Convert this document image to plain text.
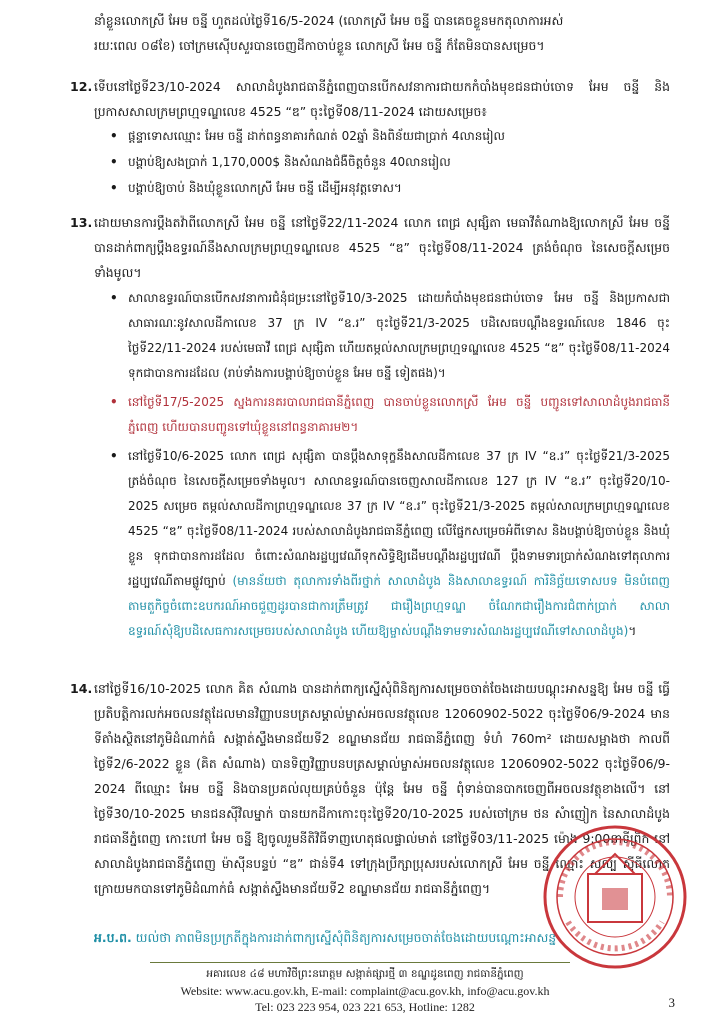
នាំខ្លួនលោកស្រី អែម ចន្នី ហួតដល់ថ្ងៃទី16/5-2024 (លោកស្រី អែម ចន្នី បានគេចខ្លួនមកតុលាការអស់
រយៈពេល ០៨ខែ) ចៅក្រមស៊ើបសួរបានចេញដីកាចាប់ខ្លួន លោកស្រី អែម ចន្នី ក៏តែមិនបានសម្រេច។
12. ទើបនៅថ្ងៃទី23/10-2024 សាលាដំបូងរាជធានីភ្នំពេញបានបើកសវនាការជាយកកំបាំងមុខជនជាប់ចោទ អែម ចន្នី និងប្រកាសសាលក្រមព្រហ្មទណ្ឌលេខ 4525 “ឌ” ចុះថ្ងៃទី08/11-2024 ដោយសម្រេច៖
• ផ្តន្ទាទោសឈ្មោះ អែម ចន្នី ដាក់ពន្ធនាគារកំណត់ 02ឆ្នាំ និងពិន័យជាប្រាក់ 4លានរៀល
• បង្គាប់ឱ្យសងប្រាក់ 1,170,000$ និងសំណងជំងឺចិត្តចំនួន 40លានរៀល
• បង្គាប់ឱ្យចាប់ និងឃុំខ្លួនលោកស្រី អែម ចន្នី ដើម្បីអនុវត្តទោស។
13. ដោយមានការប្តឹងតវ៉ាពីលោកស្រី អែម ចន្នី នៅថ្ងៃទី22/11-2024 លោក ពេជ្រ សុផ្សិតា មេធាវីតំណាងឱ្យលោកស្រី អែម ចន្នី បានដាក់ពាក្យប្តឹងឧទ្ធរណ៍នឹងសាលក្រមព្រហ្មទណ្ឌលេខ 4525 “ឌ” ចុះថ្ងៃទី08/11-2024 ត្រង់ចំណុច នៃសេចក្តីសម្រេចទាំងមូល។
• សាលាឧទ្ធរណ៍បានបើកសវនាការជំនុំជម្រះនៅថ្ងៃទី10/3-2025 ដោយកំបាំងមុខជនជាប់ចោទ អែម ចន្នី និងប្រកាសជាសាធារណៈនូវសាលដីកាលេខ 37 ក្រ IV “ឧ.រ” ចុះថ្ងៃទី21/3-2025 បដិសេធបណ្តឹងឧទ្ធរណ៍លេខ 1846 ចុះថ្ងៃទី22/11-2024 របស់មេធាវី ពេជ្រ សុផ្សិតា ហើយតម្កល់សាលក្រមព្រហ្មទណ្ឌលេខ 4525 “ឌ” ចុះថ្ងៃទី08/11-2024 ទុកជាបានការដដែល (រាប់ទាំងការបង្គាប់ឱ្យចាប់ខ្លួន អែម ចន្នី ទៀតផង)។
• នៅថ្ងៃទី17/5-2025 ស្នងការនគរបាលរាជធានីភ្នំពេញ បានចាប់ខ្លួនលោកស្រី អែម ចន្នី បញ្ជូនទៅសាលាដំបូងរាជធានីភ្នំពេញ ហើយបានបញ្ជូនទៅឃុំខ្លួននៅពន្ធនាគារម២។
• នៅថ្ងៃទី10/6-2025 លោក ពេជ្រ សុផ្សិតា បានប្តឹងសាទុក្ខនឹងសាលដីកាលេខ 37 ក្រ IV “ឧ.រ” ចុះថ្ងៃទី21/3-2025 ត្រង់ចំណុច នៃសេចក្តីសម្រេចទាំងមូល។ សាលាឧទ្ធរណ៍បានចេញសាលដីកាលេខ 127 ក្រ IV “ឧ.រ” ចុះថ្ងៃទី20/10-2025 សម្រេច តម្កល់សាលដីកាព្រហ្មទណ្ឌលេខ 37 ក្រ IV “ឧ.រ” ចុះថ្ងៃទី21/3-2025 តម្កល់សាលក្រមព្រហ្មទណ្ឌលេខ 4525 “ឌ” ចុះថ្ងៃទី08/11-2024 របស់សាលាដំបូងរាជធានីភ្នំពេញ លើផ្នែកសម្រេចអំពីទោស និងបង្គាប់ឱ្យចាប់ខ្លួន និងឃុំខ្លួន ទុកជាបានការដដែល ចំពោះសំណងរដ្ឋប្បវេណីទុកសិទ្ធិឱ្យដើមបណ្តឹងរដ្ឋប្បវេណី ប្តឹងទាមទារប្រាក់សំណងទៅតុលាការរដ្ឋប្បវេណីតាមផ្លូវច្បាប់ (មានន័យថា តុលាការទាំងពីរថ្នាក់ សាលាដំបូង និងសាលាឧទ្ធរណ៍ ការិនិច្ឆ័យទោសបទ មិនបំពេញតាមតួកិច្ចចំពោះឧបករណ៍អាចជួញដូរបានជាការត្រឹមត្រូវ ជារឿងព្រហ្មទណ្ឌ ចំណែកជារឿងការជំពាក់ប្រាក់ សាលាឧទ្ធរណ៍សុំឱ្យបដិសេធការសម្រេចរបស់សាលាដំបូង ហើយឱ្យម្ចាស់បណ្តឹងទាមទារសំណងរដ្ឋប្បវេណីទៅសាលាដំបូង)។
14. នៅថ្ងៃទី16/10-2025 លោក គិត សំណាង បានដាក់ពាក្យស្នើសុំពិនិត្យការសម្រេចចាត់ចែងដោយបណ្តុះអាសន្នឱ្យ អែម ចន្នី ធ្វើប្រតិបត្តិការលក់អចលនវត្ថុដែលមានវិញ្ញាបនបត្រសម្គាល់ម្ចាស់អចលនវត្ថុលេខ 12060902-5022 ចុះថ្ងៃទី06/9-2024 មានទីតាំងស្ថិតនៅភូមិដំណាក់ធំ សង្កាត់ស្ទឹងមានជ័យទី2 ខណ្ឌមានជ័យ រាជធានីភ្នំពេញ ទំហំ 760m² ដោយសម្អាងថា កាលពីថ្ងៃទី2/6-2022 ខ្លួន (គិត សំណាង) បានទិញវិញ្ញាបនបត្រសម្គាល់ម្ចាស់អចលនវត្ថុលេខ 12060902-5022 ចុះថ្ងៃទី06/9-2024 ពីឈ្មោះ អែម ចន្នី និងបានប្រគល់លុយគ្រប់ចំនួន ប៉ុន្តែ អែម ចន្នី ពុំទាន់បានបាកចេញពីអចលនវត្ថុខាងលើ។ នៅថ្ងៃទី30/10-2025 មានជនស៊ីវិលម្នាក់ បានយកដីកាកោះចុះថ្ងៃទី20/10-2025 របស់ចៅក្រម ថន សំាញៀក នៃសាលាដំបូងរាជធានីភ្នំពេញ កោះហៅ អែម ចន្នី ឱ្យចូលរួមនីតិវិធីទាញហេតុផលផ្ទាល់មាត់ នៅថ្ងៃទី03/11-2025 ម៉ោង 9:00នាទីព្រឹក នៅសាលាដំបូងរាជធានីភ្នំពេញ ម៉ាស៊ីនបន្ទប់ “ឌ” ជាន់ទី4 ទៅក្រុងប្រឹក្សាប្រុសរបស់លោកស្រី អែម ចន្នី ឈ្មោះ សល្ប ស៊ីធីលោត ក្រោយមកបានទៅភូមិដំណាក់ធំ សង្កាត់ស្ទឹងមានជ័យទី2 ខណ្ឌមានជ័យ រាជធានីភ្នំពេញ។
អ.ប.ព. យល់ថា ភាពមិនប្រក្រតីក្នុងការដាក់ពាក្យស្នើសុំពិនិត្យការសម្រេចចាត់ចែងដោយបណ្តោះអាសន្ន
អគារលេខ ៤៨ មហាវិថីព្រះនរោត្តម សង្កាត់ផ្សារថ្មី ៣ ខណ្ឌដូនពេញ រាជធានីភ្នំពេញ
Website: www.acu.gov.kh, E-mail: complaint@acu.gov.kh, info@acu.gov.kh
Tel: 023 223 954, 023 221 653, Hotline: 1282	3
